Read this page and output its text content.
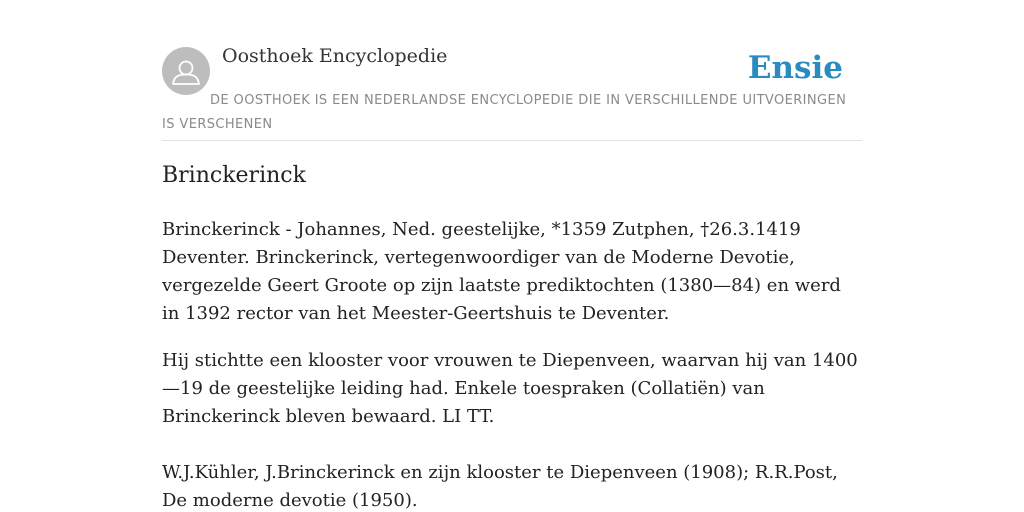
Oosthoek Encyclopedie	Ensie
DE OOSTHOEK IS EEN NEDERLANDSE ENCYCLOPEDIE DIE IN VERSCHILLENDE UITVOERINGEN IS VERSCHENEN
Brinckerinck

Brinckerinck - Johannes, Ned. geestelijke, *1359 Zutphen, †26.3.1419 Deventer. Brinckerinck, vertegenwoordiger van de Moderne Devotie, vergezelde Geert Groote op zijn laatste prediktochten (1380—84) en werd in 1392 rector van het Meester-Geertshuis te Deventer.

Hij stichtte een klooster voor vrouwen te Diepenveen, waarvan hij van 1400—19 de geestelijke leiding had. Enkele toespraken (Collatiën) van Brinckerinck bleven bewaard. LI TT.

W.J.Kühler, J.Brinckerinck en zijn klooster te Diepenveen (1908); R.R.Post, De moderne devotie (1950).
